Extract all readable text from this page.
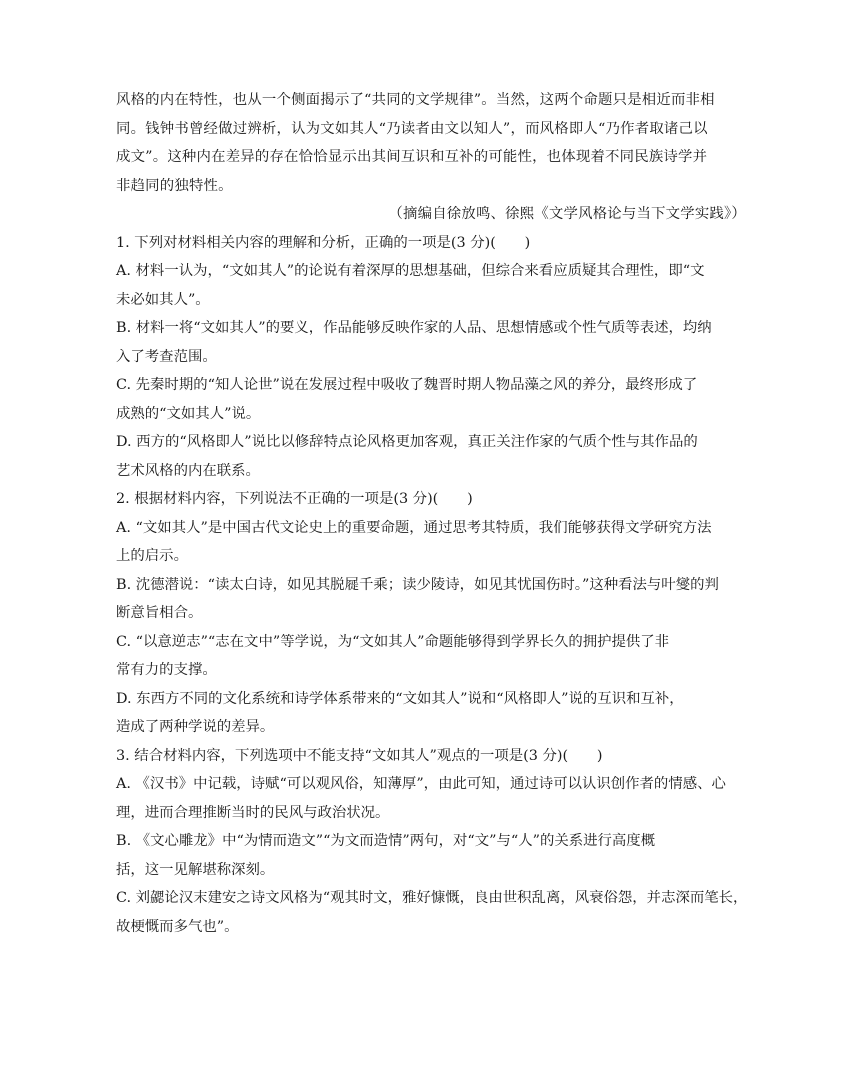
风格的内在特性，也从一个侧面揭示了“共同的文学规律”。当然，这两个命题只是相近而非相

同。钱钟书曾经做过辨析，认为文如其人“乃读者由文以知人”，而风格即人“乃作者取诸己以

成文”。这种内在差异的存在恰恰显示出其间互识和互补的可能性，也体现着不同民族诗学并

非趋同的独特性。

（摘编自徐放鸣、徐熙《文学风格论与当下文学实践》）

1. 下列对材料相关内容的理解和分析，正确的一项是(3 分)(　　)

A. 材料一认为，“文如其人”的论说有着深厚的思想基础，但综合来看应质疑其合理性，即“文

未必如其人”。

B. 材料一将“文如其人”的要义，作品能够反映作家的人品、思想情感或个性气质等表述，均纳

入了考查范围。

C. 先秦时期的“知人论世”说在发展过程中吸收了魏晋时期人物品藻之风的养分，最终形成了

成熟的“文如其人”说。

D. 西方的“风格即人”说比以修辞特点论风格更加客观，真正关注作家的气质个性与其作品的

艺术风格的内在联系。

2. 根据材料内容，下列说法不正确的一项是(3 分)(　　)

A. “文如其人”是中国古代文论史上的重要命题，通过思考其特质，我们能够获得文学研究方法

上的启示。

B. 沈德潜说：“读太白诗，如见其脱屣千乘；读少陵诗，如见其忧国伤时。”这种看法与叶燮的判

断意旨相合。

C. “以意逆志”“志在文中”等学说，为“文如其人”命题能够得到学界长久的拥护提供了非

常有力的支撑。

D. 东西方不同的文化系统和诗学体系带来的“文如其人”说和“风格即人”说的互识和互补，

造成了两种学说的差异。

3. 结合材料内容，下列选项中不能支持“文如其人”观点的一项是(3 分)(　　)

A. 《汉书》中记载，诗赋“可以观风俗，知薄厚”，由此可知，通过诗可以认识创作者的情感、心

理，进而合理推断当时的民风与政治状况。

B. 《文心雕龙》中“为情而造文”“为文而造情”两句，对“文”与“人”的关系进行高度概

括，这一见解堪称深刻。

C. 刘勰论汉末建安之诗文风格为“观其时文，雅好慷慨，良由世积乱离，风衰俗怨，并志深而笔长，

故梗慨而多气也”。
